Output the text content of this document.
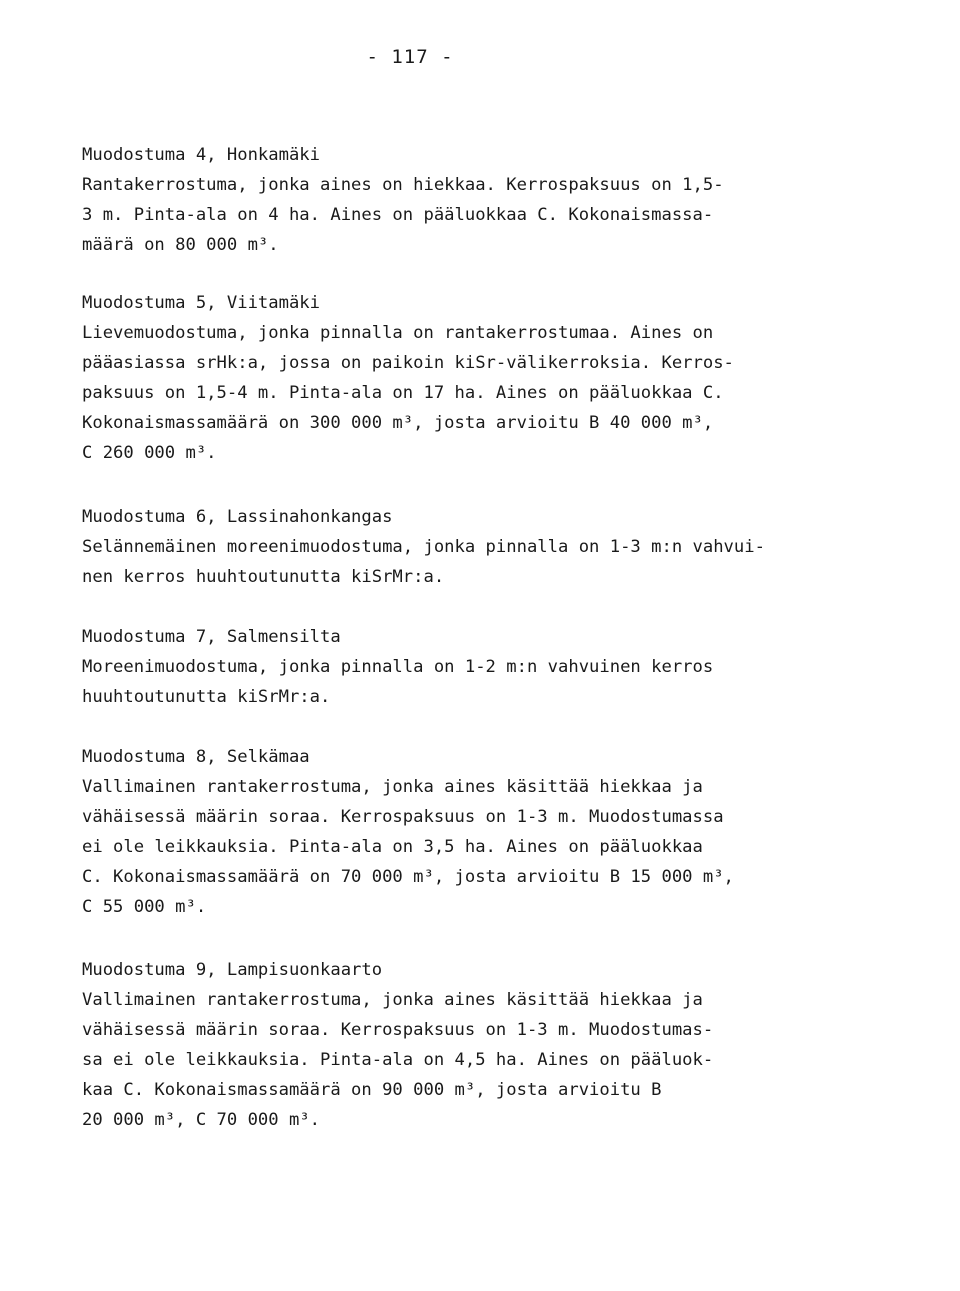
- 117 -
Muodostuma 4, Honkamäki
Rantakerrostuma, jonka aines on hiekkaa. Kerrospaksuus on 1,5-
3 m. Pinta-ala on 4 ha. Aines on pääluokkaa C. Kokonaismassa-
määrä on 80 000 m³.
Muodostuma 5, Viitamäki
Lievemuodostuma, jonka pinnalla on rantakerrostumaa. Aines on
pääasiassa srHk:a, jossa on paikoin kiSr-välikerroksia. Kerros-
paksuus on 1,5-4 m. Pinta-ala on 17 ha. Aines on pääluokkaa C.
Kokonaismassamäärä on 300 000 m³, josta arvioitu B 40 000 m³,
C 260 000 m³.
Muodostuma 6, Lassinahonkangas
Selännemäinen moreenimuodostuma, jonka pinnalla on 1-3 m:n vahvui-
nen kerros huuhtoutunutta kiSrMr:a.
Muodostuma 7, Salmensilta
Moreenimuodostuma, jonka pinnalla on 1-2 m:n vahvuinen kerros
huuhtoutunutta kiSrMr:a.
Muodostuma 8, Selkämaa
Vallimainen rantakerrostuma, jonka aines käsittää hiekkaa ja
vähäisessä määrin soraa. Kerrospaksuus on 1-3 m. Muodostumassa
ei ole leikkauksia. Pinta-ala on 3,5 ha. Aines on pääluokkaa
C. Kokonaismassamäärä on 70 000 m³, josta arvioitu B 15 000 m³,
C 55 000 m³.
Muodostuma 9, Lampisuonkaarto
Vallimainen rantakerrostuma, jonka aines käsittää hiekkaa ja
vähäisessä määrin soraa. Kerrospaksuus on 1-3 m. Muodostumas-
sa ei ole leikkauksia. Pinta-ala on 4,5 ha. Aines on pääluok-
kaa C. Kokonaismassamäärä on 90 000 m³, josta arvioitu B
20 000 m³, C 70 000 m³.
